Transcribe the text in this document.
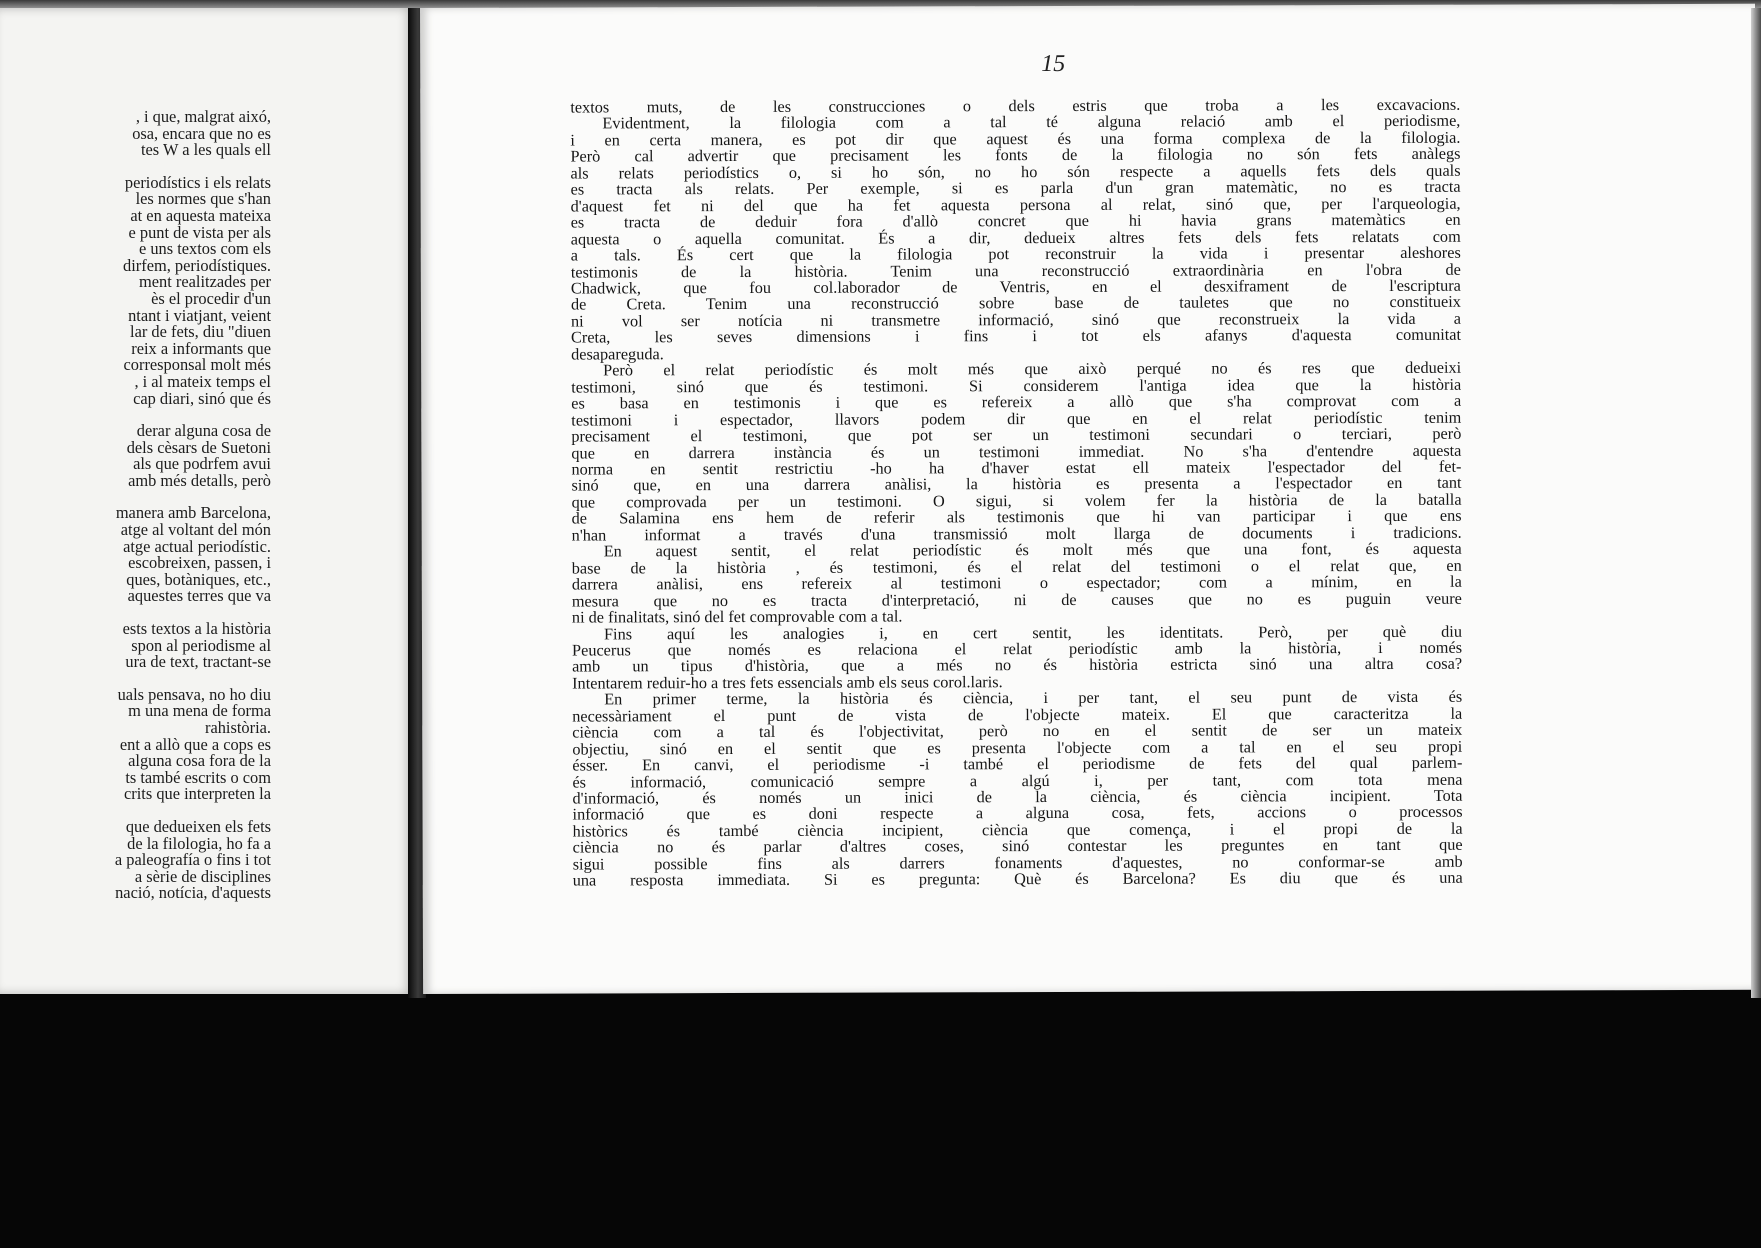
, i que, malgrat aixó,
osa, encara que no es
tes W a les quals ell
periodístics i els relats
les normes que s'han
at en aquesta mateixa
e punt de vista per als
e uns textos com els
dirfem, periodístiques.
ment realitzades per
ès el procedir d'un
ntant i viatjant, veient
lar de fets, diu "diuen
reix a informants que
corresponsal molt més
, i al mateix temps el
cap diari, sinó que és
derar alguna cosa de
dels cèsars de Suetoni
als que podrfem avui
amb més detalls, però
manera amb Barcelona,
atge al voltant del món
atge actual periodístic.
escobreixen, passen, i
ques, botàniques, etc.,
aquestes terres que va
ests textos a la història
spon al periodisme al
ura de text, tractant-se
uals pensava, no ho diu
m una mena de forma
rahistòria.
ent a allò que a cops es
alguna cosa fora de la
ts també escrits o com
crits que interpreten la
que dedueixen els fets
de la filologia, ho fa a
a paleografía o fins i tot
a sèrie de disciplines
nació, notícia, d'aquests
15
textos muts, de les construcciones o dels estris que troba a les excavacions.
Evidentment, la filologia com a tal té alguna relació amb el periodisme,
i en certa manera, es pot dir que aquest és una forma complexa de la filologia.
Però cal advertir que precisament les fonts de la filologia no són fets anàlegs
als relats periodístics o, si ho són, no ho són respecte a aquells fets dels quals
es tracta als relats. Per exemple, si es parla d'un gran matemàtic, no es tracta
d'aquest fet ni del que ha fet aquesta persona al relat, sinó que, per l'arqueologia,
es tracta de deduir fora d'allò concret que hi havia grans matemàtics en
aquesta o aquella comunitat. És a dir, dedueix altres fets dels fets relatats com
a tals. És cert que la filologia pot reconstruir la vida i presentar aleshores
testimonis de la història. Tenim una reconstrucció extraordinària en l'obra de
Chadwick, que fou col.laborador de Ventris, en el desxiframent de l'escriptura
de Creta. Tenim una reconstrucció sobre base de tauletes que no constitueix
ni vol ser notícia ni transmetre informació, sinó que reconstrueix la vida a
Creta, les seves dimensions i fins i tot els afanys d'aquesta comunitat
desapareguda.
Però el relat periodístic és molt més que això perqué no és res que dedueixi
testimoni, sinó que és testimoni. Si considerem l'antiga idea que la història
es basa en testimonis i que es refereix a allò que s'ha comprovat com a
testimoni i espectador, llavors podem dir que en el relat periodístic tenim
precisament el testimoni, que pot ser un testimoni secundari o terciari, però
que en darrera instància és un testimoni immediat. No s'ha d'entendre aquesta
norma en sentit restrictiu -ho ha d'haver estat ell mateix l'espectador del fet-
sinó que, en una darrera anàlisi, la història es presenta a l'espectador en tant
que comprovada per un testimoni. O sigui, si volem fer la història de la batalla
de Salamina ens hem de referir als testimonis que hi van participar i que ens
n'han informat a través d'una transmissió molt llarga de documents i tradicions.
En aquest sentit, el relat periodístic és molt més que una font, és aquesta
base de la història , és testimoni, és el relat del testimoni o el relat que, en
darrera anàlisi, ens refereix al testimoni o espectador; com a mínim, en la
mesura que no es tracta d'interpretació, ni de causes que no es puguin veure
ni de finalitats, sinó del fet comprovable com a tal.
Fins aquí les analogies i, en cert sentit, les identitats. Però, per què diu
Peucerus que només es relaciona el relat periodístic amb la història, i només
amb un tipus d'història, que a més no és història estricta sinó una altra cosa?
Intentarem reduir-ho a tres fets essencials amb els seus corol.laris.
En primer terme, la història és ciència, i per tant, el seu punt de vista és
necessàriament el punt de vista de l'objecte mateix. El que caracteritza la
ciència com a tal és l'objectivitat, però no en el sentit de ser un mateix
objectiu, sinó en el sentit que es presenta l'objecte com a tal en el seu propi
ésser. En canvi, el periodisme -i també el periodisme de fets del qual parlem-
és informació, comunicació sempre a algú i, per tant, com tota mena
d'informació, és només un inici de la ciència, és ciència incipient. Tota
informació que es doni respecte a alguna cosa, fets, accions o processos
històrics és també ciència incipient, ciència que comença, i el propi de la
ciència no és parlar d'altres coses, sinó contestar les preguntes en tant que
sigui possible fins als darrers fonaments d'aquestes, no conformar-se amb
una resposta immediata. Si es pregunta: Què és Barcelona? Es diu que és una
